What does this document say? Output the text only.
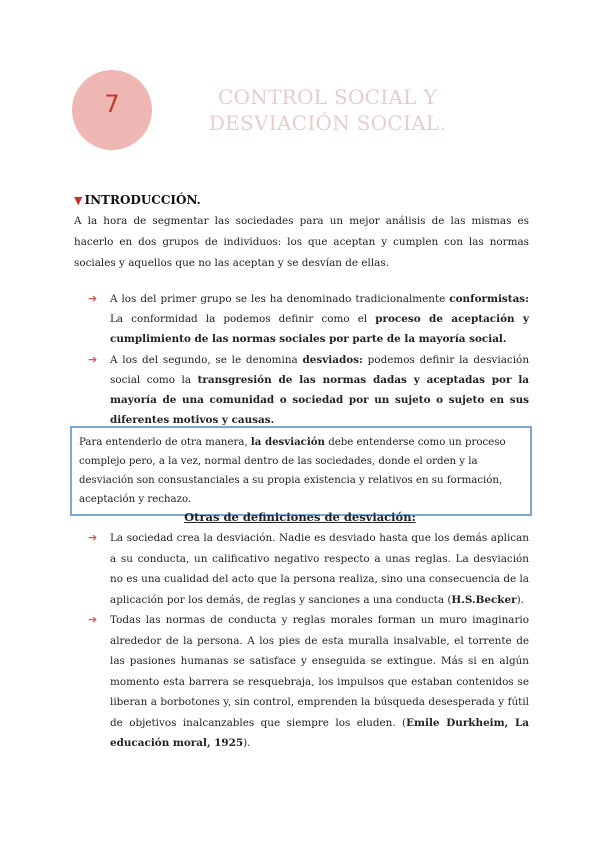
7	CONTROL SOCIAL Y DESVIACIÓN SOCIAL.
▼ INTRODUCCIÓN.
A la hora de segmentar las sociedades para un mejor análisis de las mismas es hacerlo en dos grupos de individuos: los que aceptan y cumplen con las normas sociales y aquellos que no las aceptan y se desvían de ellas.
➔ A los del primer grupo se les ha denominado tradicionalmente conformistas: La conformidad la podemos definir como el proceso de aceptación y cumplimiento de las normas sociales por parte de la mayoría social.
➔ A los del segundo, se le denomina desviados: podemos definir la desviación social como la transgresión de las normas dadas y aceptadas por la mayoría de una comunidad o sociedad por un sujeto o sujeto en sus diferentes motivos y causas.
Para entenderlo de otra manera, la desviación debe entenderse como un proceso complejo pero, a la vez, normal dentro de las sociedades, donde el orden y la desviación son consustanciales a su propia existencia y relativos en su formación, aceptación y rechazo.
Otras de definiciones de desviación:
➔ La sociedad crea la desviación. Nadie es desviado hasta que los demás aplican a su conducta, un calificativo negativo respecto a unas reglas. La desviación no es una cualidad del acto que la persona realiza, sino una consecuencia de la aplicación por los demás, de reglas y sanciones a una conducta (H.S.Becker).
➔ Todas las normas de conducta y reglas morales forman un muro imaginario alrededor de la persona. A los pies de esta muralla insalvable, el torrente de las pasiones humanas se satisface y enseguida se extingue. Más si en algún momento esta barrera se resquebraja, los impulsos que estaban contenidos se liberan a borbotones y, sin control, emprenden la búsqueda desesperada y fútil de objetivos inalcanzables que siempre los eluden. (Emile Durkheim, La educación moral, 1925).
